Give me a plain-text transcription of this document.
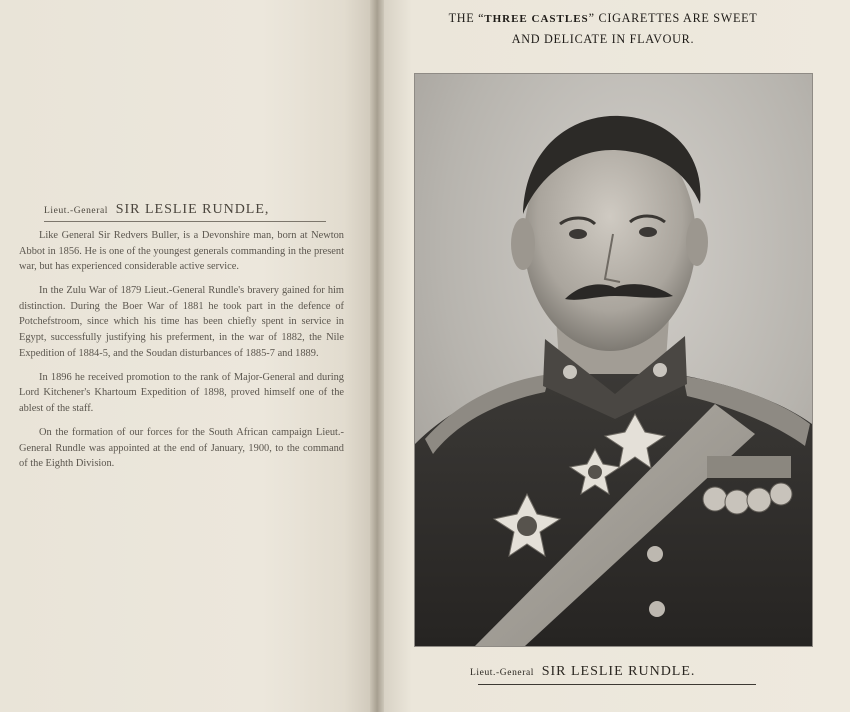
Lieut.-General SIR LESLIE RUNDLE,

Like General Sir Redvers Buller, is a Devonshire man, born at Newton Abbot in 1856. He is one of the youngest generals commanding in the present war, but has experienced considerable active service.

In the Zulu War of 1879 Lieut.-General Rundle's bravery gained for him distinction. During the Boer War of 1881 he took part in the defence of Potchefstroom, since which his time has been chiefly spent in service in Egypt, successfully justifying his preferment, in the war of 1882, the Nile Expedition of 1884-5, and the Soudan disturbances of 1885-7 and 1889.

In 1896 he received promotion to the rank of Major-General and during Lord Kitchener's Khartoum Expedition of 1898, proved himself one of the ablest of the staff.

On the formation of our forces for the South African campaign Lieut.-General Rundle was appointed at the end of January, 1900, to the command of the Eighth Division.

THE “THREE CASTLES” CIGARETTES ARE SWEET
AND DELICATE IN FLAVOUR.
Lieut.-General SIR LESLIE RUNDLE.
